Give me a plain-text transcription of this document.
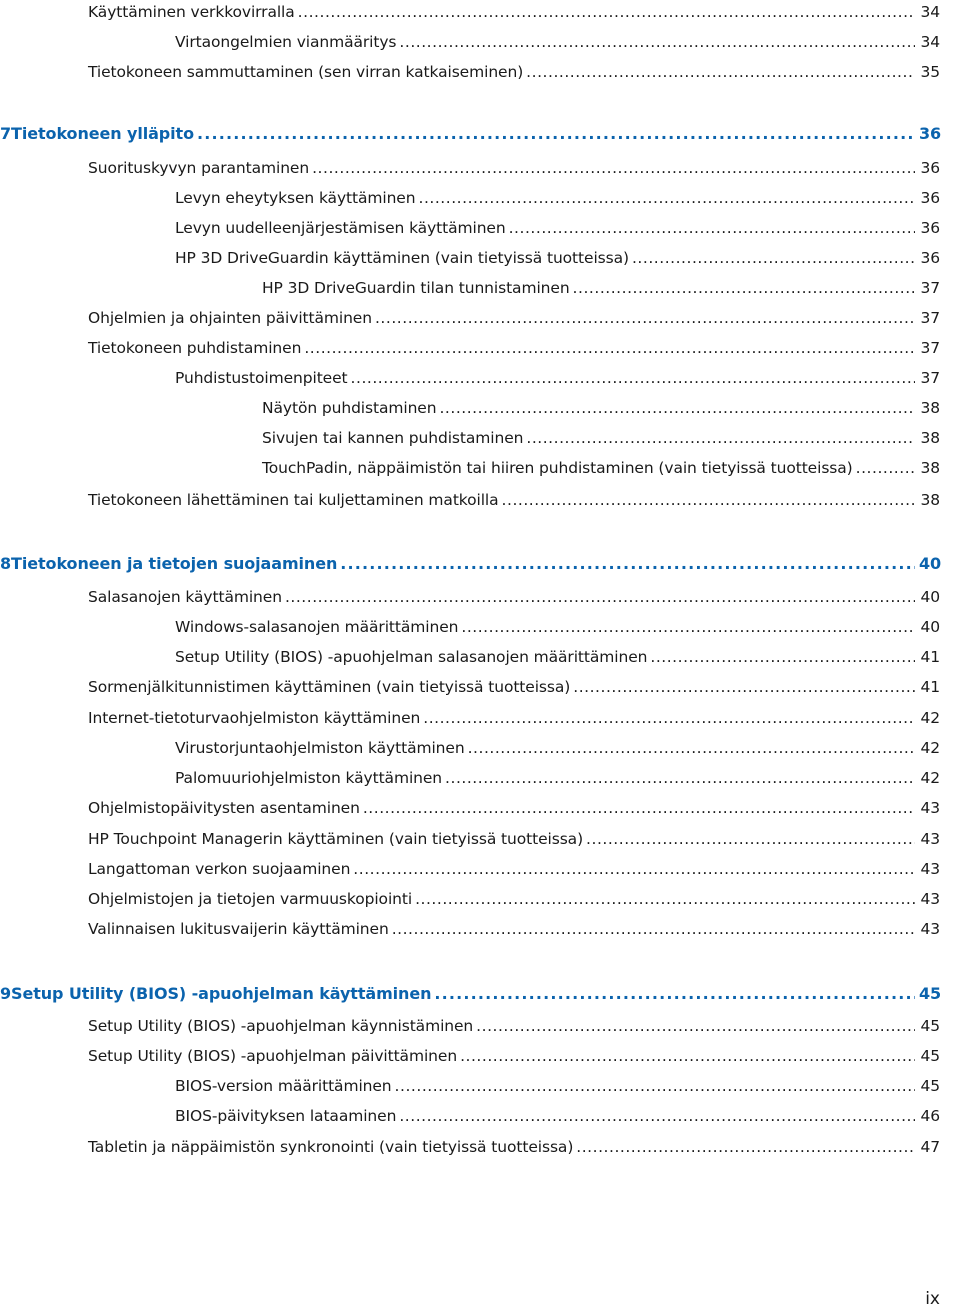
Käyttäminen verkkovirralla . . .	34
Virtaongelmien vianmääritys . . .	34
Tietokoneen sammuttaminen (sen virran katkaiseminen) . . .	35
7 Tietokoneen ylläpito . . .	36
Suorituskyvyn parantaminen . . .	36
Levyn eheytyksen käyttäminen . . .	36
Levyn uudelleenjärjestämisen käyttäminen . . .	36
HP 3D DriveGuardin käyttäminen (vain tietyissä tuotteissa) . . .	36
HP 3D DriveGuardin tilan tunnistaminen . . .	37
Ohjelmien ja ohjainten päivittäminen . . .	37
Tietokoneen puhdistaminen . . .	37
Puhdistustoimenpiteet . . .	37
Näytön puhdistaminen . . .	38
Sivujen tai kannen puhdistaminen . . .	38
TouchPadin, näppäimistön tai hiiren puhdistaminen (vain tietyissä tuotteissa) . . .	38
Tietokoneen lähettäminen tai kuljettaminen matkoilla . . .	38
8 Tietokoneen ja tietojen suojaaminen . . .	40
Salasanojen käyttäminen . . .	40
Windows-salasanojen määrittäminen . . .	40
Setup Utility (BIOS) -apuohjelman salasanojen määrittäminen . . .	41
Sormenjälkitunnistimen käyttäminen (vain tietyissä tuotteissa) . . .	41
Internet-tietoturvaohjelmiston käyttäminen . . .	42
Virustorjuntaohjelmiston käyttäminen . . .	42
Palomuuriohjelmiston käyttäminen . . .	42
Ohjelmistopäivitysten asentaminen . . .	43
HP Touchpoint Managerin käyttäminen (vain tietyissä tuotteissa) . . .	43
Langattoman verkon suojaaminen . . .	43
Ohjelmistojen ja tietojen varmuuskopiointi . . .	43
Valinnaisen lukitusvaijerin käyttäminen . . .	43
9 Setup Utility (BIOS) -apuohjelman käyttäminen . . .	45
Setup Utility (BIOS) -apuohjelman käynnistäminen . . .	45
Setup Utility (BIOS) -apuohjelman päivittäminen . . .	45
BIOS-version määrittäminen . . .	45
BIOS-päivityksen lataaminen . . .	46
Tabletin ja näppäimistön synkronointi (vain tietyissä tuotteissa) . . .	47
ix
